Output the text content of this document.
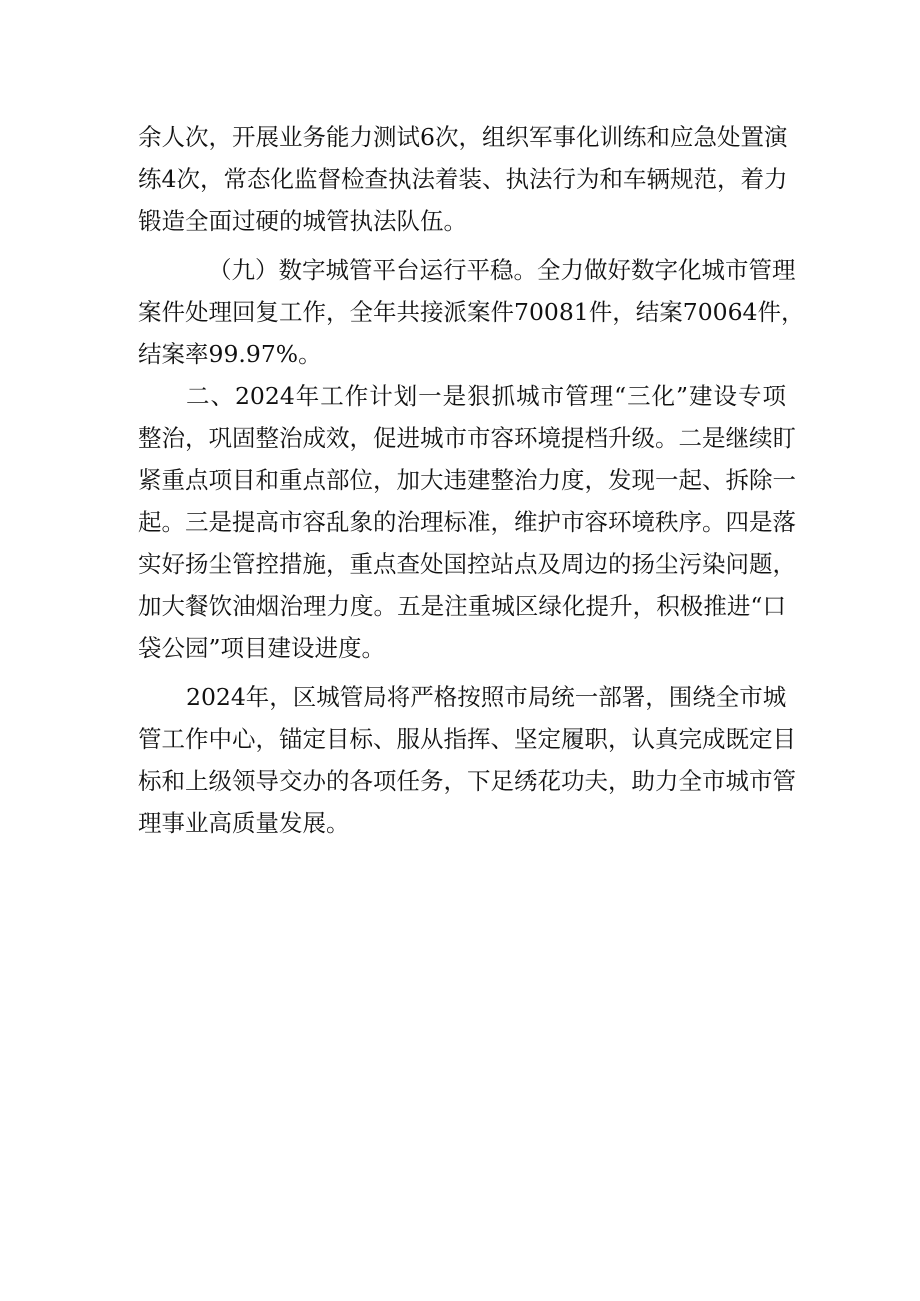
余人次，开展业务能力测试6次，组织军事化训练和应急处置演

练4次，常态化监督检查执法着装、执法行为和车辆规范，着力

锻造全面过硬的城管执法队伍。

（九）数字城管平台运行平稳。全力做好数字化城市管理

案件处理回复工作，全年共接派案件70081件，结案70064件，

结案率99.97%。

二、2024年工作计划一是狠抓城市管理“三化”建设专项

整治，巩固整治成效，促进城市市容环境提档升级。二是继续盯

紧重点项目和重点部位，加大违建整治力度，发现一起、拆除一

起。三是提高市容乱象的治理标准，维护市容环境秩序。四是落

实好扬尘管控措施，重点查处国控站点及周边的扬尘污染问题，

加大餐饮油烟治理力度。五是注重城区绿化提升，积极推进“口

袋公园”项目建设进度。

2024年，区城管局将严格按照市局统一部署，围绕全市城

管工作中心，锚定目标、服从指挥、坚定履职，认真完成既定目

标和上级领导交办的各项任务，下足绣花功夫，助力全市城市管

理事业高质量发展。
